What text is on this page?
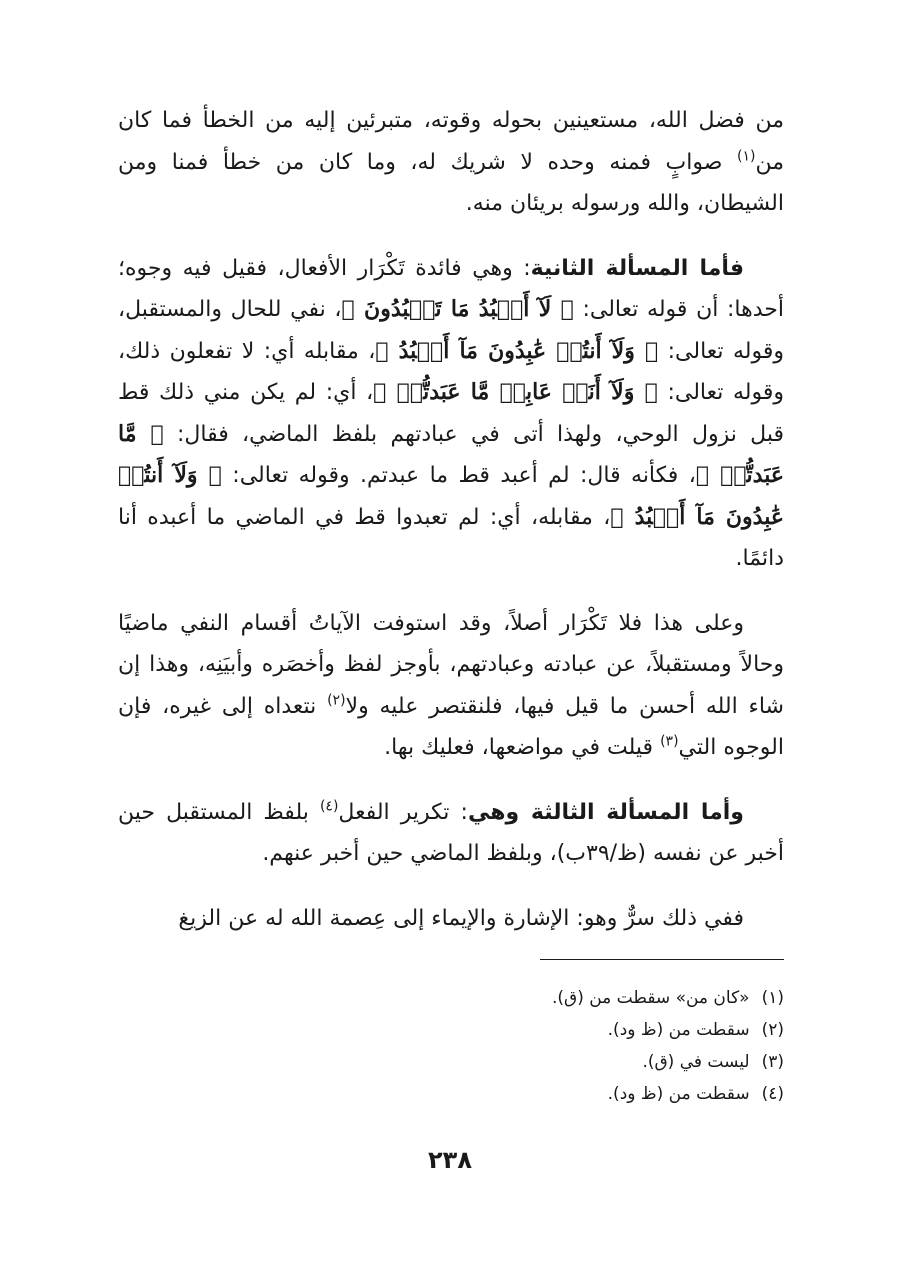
من فضل الله، مستعينين بحوله وقوته، متبرئين إليه من الخطأ فما كان من$^{(١)}$ صوابٍ فمنه وحده لا شريك له، وما كان من خطأ فمنا ومن الشيطان، والله ورسوله بريئان منه.

فأما المسألة الثانية: وهي فائدة تَكْرَار الأفعال، فقيل فيه وجوه؛ أحدها: أن قوله تعالى: ﴿ لَآ أَعۡبُدُ مَا تَعۡبُدُونَ ﴾، نفي للحال والمستقبل، وقوله تعالى: ﴿ وَلَآ أَنتُمۡ عَٰبِدُونَ مَآ أَعۡبُدُ ﴾، مقابله أي: لا تفعلون ذلك، وقوله تعالى: ﴿ وَلَآ أَنَا۠ عَابِدٞ مَّا عَبَدتُّمۡ ﴾، أي: لم يكن مني ذلك قط قبل نزول الوحي، ولهذا أتى في عبادتهم بلفظ الماضي، فقال: ﴿ مَّا عَبَدتُّمۡ ﴾، فكأنه قال: لم أعبد قط ما عبدتم. وقوله تعالى: ﴿ وَلَآ أَنتُمۡ عَٰبِدُونَ مَآ أَعۡبُدُ ﴾، مقابله، أي: لم تعبدوا قط في الماضي ما أعبده أنا دائمًا.

وعلى هذا فلا تَكْرَار أصلاً، وقد استوفت الآياتُ أقسام النفي ماضيًا وحالاً ومستقبلاً، عن عبادته وعبادتهم، بأوجز لفظ وأخصَره وأبيَنِه، وهذا إن شاء الله أحسن ما قيل فيها، فلنقتصر عليه ولا$^{(٢)}$ نتعداه إلى غيره، فإن الوجوه التي$^{(٣)}$ قيلت في مواضعها، فعليك بها.

وأما المسألة الثالثة وهي: تكرير الفعل$^{(٤)}$ بلفظ المستقبل حين أخبر عن نفسه (ظ/٣٩ب)، وبلفظ الماضي حين أخبر عنهم.

ففي ذلك سرٌّ وهو: الإشارة والإيماء إلى عِصمة الله له عن الزيغ

(١)«كان من» سقطت من (ق).
(٢)سقطت من (ظ ود).
(٣)ليست في (ق).
(٤)سقطت من (ظ ود).
٢٣٨
